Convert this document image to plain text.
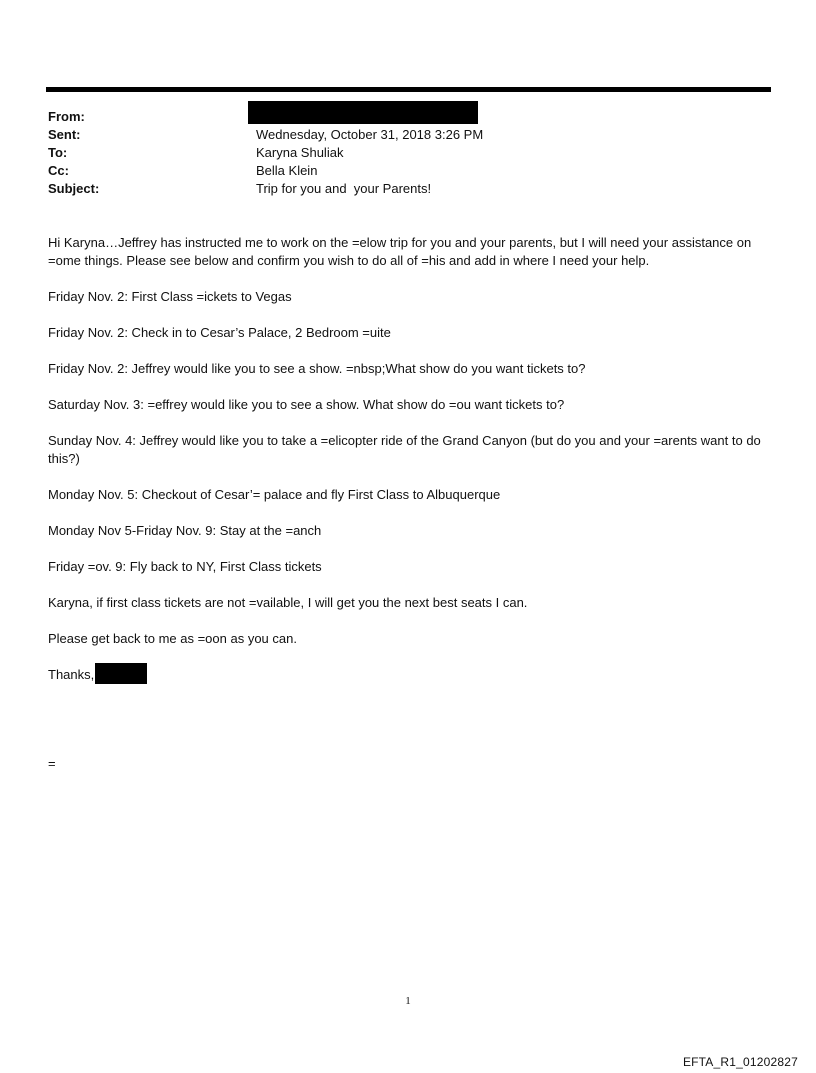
From:
Sent:	Wednesday, October 31, 2018 3:26 PM
To:	Karyna Shuliak
Cc:	Bella Klein
Subject:	Trip for you and  your Parents!

Hi Karyna…Jeffrey has instructed me to work on the =elow trip for you and your parents, but I will need your assistance on =ome things. Please see below and confirm you wish to do all of =his and add in where I need your help.

Friday Nov. 2: First Class =ickets to Vegas

Friday Nov. 2: Check in to Cesar’s Palace, 2 Bedroom =uite

Friday Nov. 2: Jeffrey would like you to see a show. =nbsp;What show do you want tickets to?

Saturday Nov. 3: =effrey would like you to see a show. What show do =ou want tickets to?

Sunday Nov. 4: Jeffrey would like you to take a =elicopter ride of the Grand Canyon (but do you and your =arents want to do this?)

Monday Nov. 5: Checkout of Cesar’= palace and fly First Class to Albuquerque

Monday Nov 5-Friday Nov. 9: Stay at the =anch

Friday =ov. 9: Fly back to NY, First Class tickets

Karyna, if first class tickets are not =vailable, I will get you the next best seats I can.

Please get back to me as =oon as you can.

Thanks,
=
1
EFTA_R1_01202827
